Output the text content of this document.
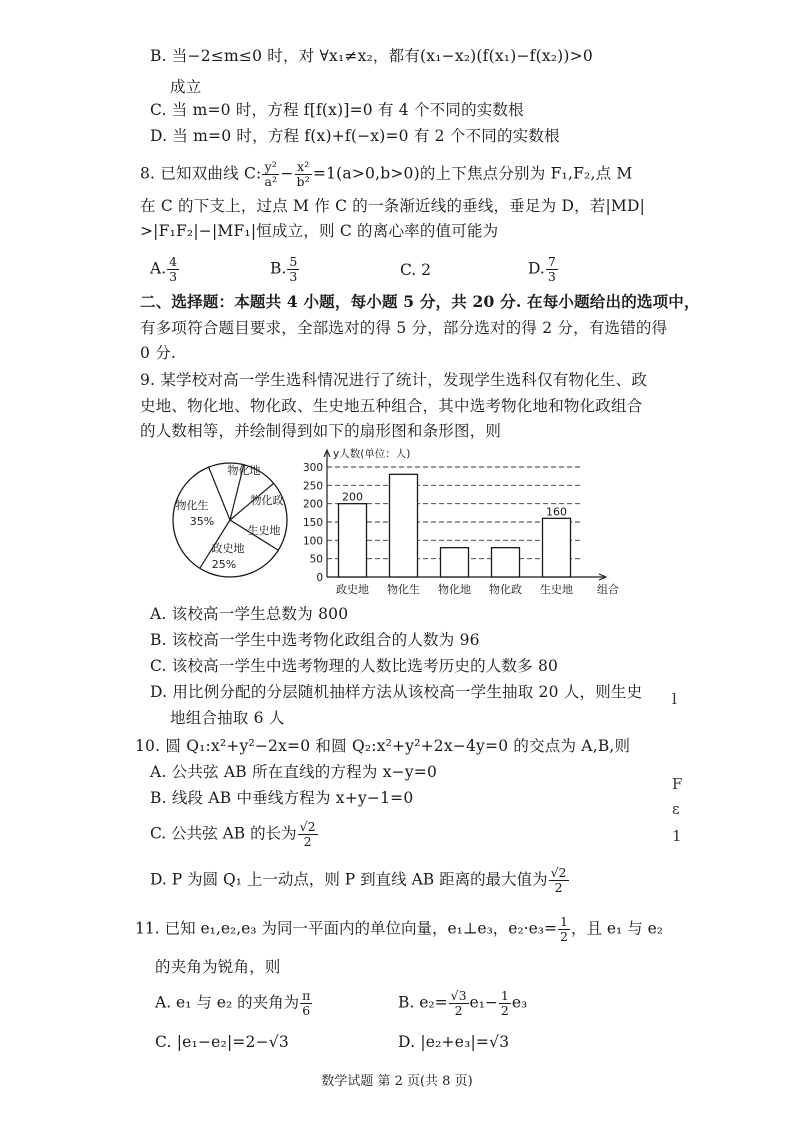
B. 当−2≤m≤0 时，对 ∀x₁≠x₂，都有(x₁−x₂)(f(x₁)−f(x₂))>0
成立
C. 当 m=0 时，方程 f[f(x)]=0 有 4 个不同的实数根
D. 当 m=0 时，方程 f(x)+f(−x)=0 有 2 个不同的实数根
8. 已知双曲线 C: $\frac{\text{y²}}{\text{a²}} - \frac{\text{x²}}{\text{b²}} =1(a>0,b>0)$的上下焦点分别为 F₁,F₂,点 M
在 C 的下支上，过点 M 作 C 的一条渐近线的垂线，垂足为 D，若|MD|
>|F₁F₂|−|MF₁|恒成立，则 C 的离心率的值可能为
A. $\frac{4}{3}$	B. $\frac{5}{3}$	C. 2	D. $\frac{7}{3}$
二、选择题：本题共 4 小题，每小题 5 分，共 20 分. 在每小题给出的选项中，
有多项符合题目要求，全部选对的得 5 分，部分选对的得 2 分，有选错的得
0 分.
9. 某学校对高一学生选科情况进行了统计，发现学生选科仅有物化生、政
史地、物化地、物化政、生史地五种组合，其中选考物化地和物化政组合
的人数相等，并绘制得到如下的扇形图和条形图，则
物化生
35%
物化地
物化政
生史地
政史地
25%
0
50
100
150
200
250
300
y人数(单位：人)
组合
政史地
200
物化生 物化地 物化政 生史地
160
A. 该校高一学生总数为 800
B. 该校高一学生中选考物化政组合的人数为 96
C. 该校高一学生中选考物理的人数比选考历史的人数多 80
D. 用比例分配的分层随机抽样方法从该校高一学生抽取 20 人，则生史
地组合抽取 6 人
10. 圆 Q₁:x²+y²−2x=0 和圆 Q₂:x²+y²+2x−4y=0 的交点为 A,B,则
A. 公共弦 AB 所在直线的方程为 x−y=0
B. 线段 AB 中垂线方程为 x+y−1=0
C. 公共弦 AB 的长为 $\frac{√2}{2}$
D. P 为圆 Q₁ 上一动点，则 P 到直线 AB 距离的最大值为 $\frac{√2}{2}$
11. 已知 e₁,e₂,e₃ 为同一平面内的单位向量，e₁⊥e₃，$e_2\cdot e_3= \frac{1}{2}$ ，且 e₁ 与 e₂
的夹角为锐角，则
A. e₁ 与 e₂ 的夹角为 $\frac{\pi}{6}$	B. $e_2= \frac{√3}{2} e_1- \frac{1}{2} e_3$
C. |e₁−e₂|=2−√3	D. |e₂+e₃|=√3
数学试题 第 2 页(共 8 页)
l
F
ɛ
1
